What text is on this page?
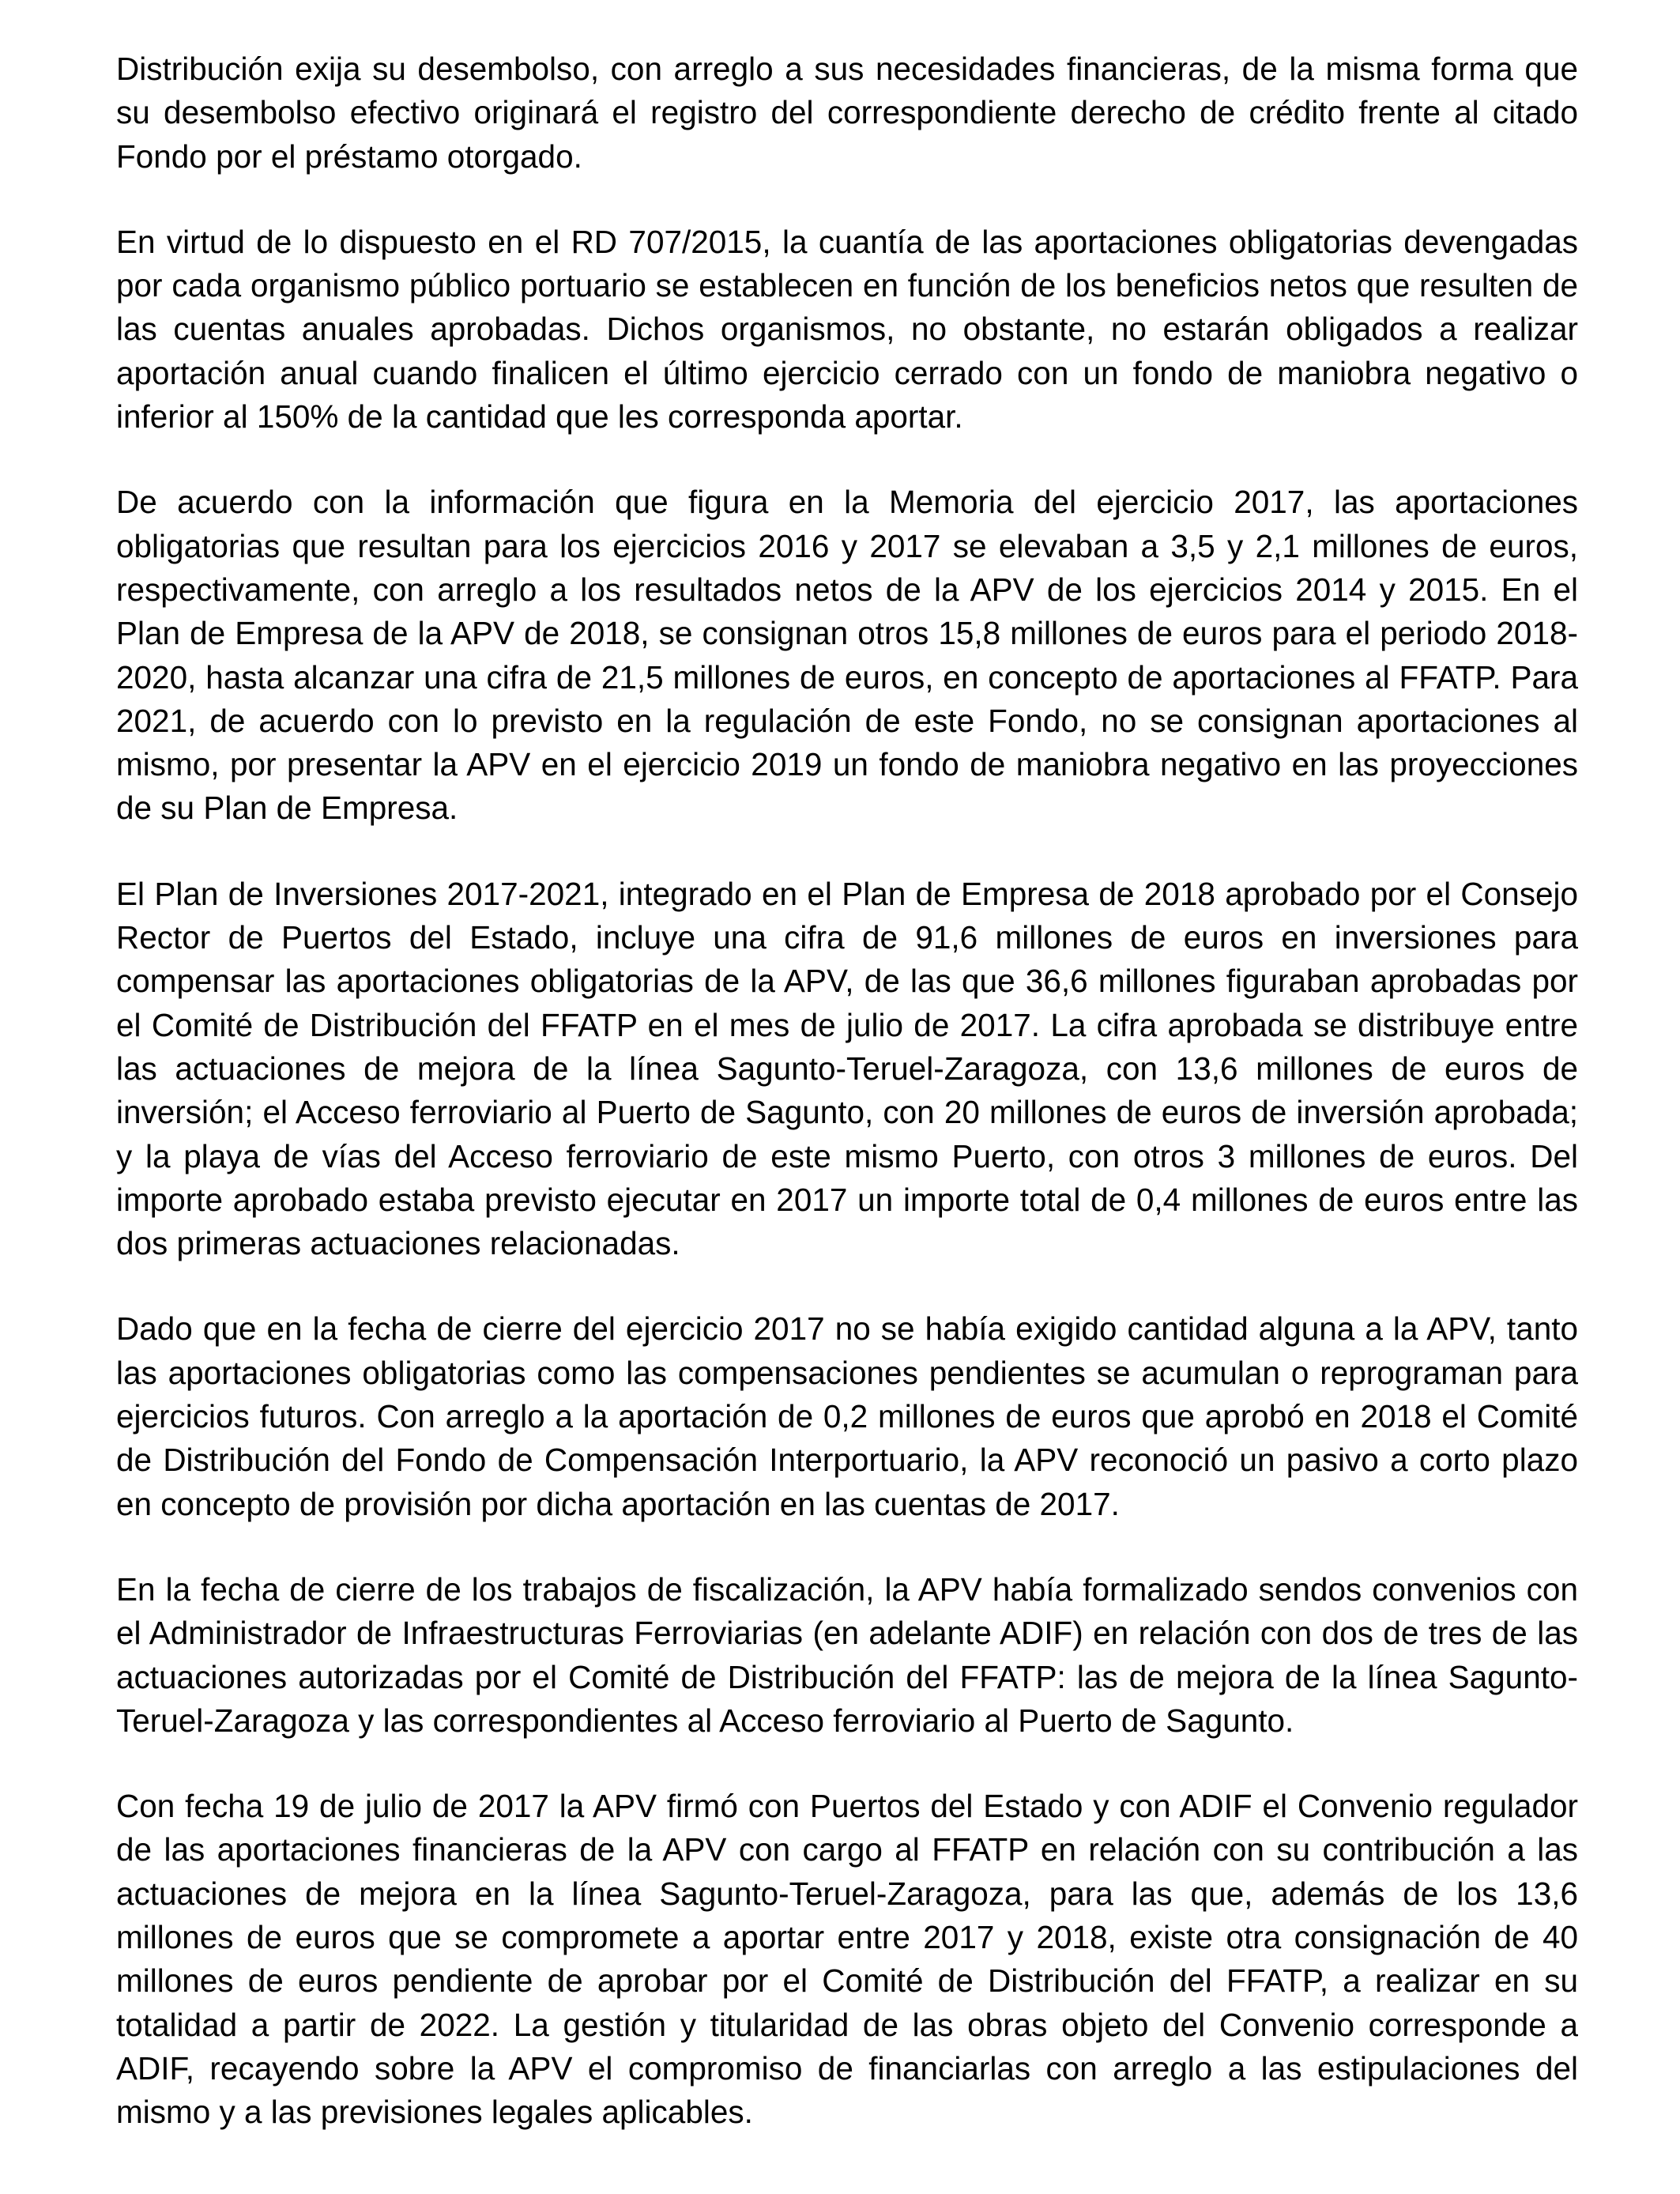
Distribución exija su desembolso, con arreglo a sus necesidades financieras, de la misma forma que su desembolso efectivo originará el registro del correspondiente derecho de crédito frente al citado Fondo por el préstamo otorgado.

En virtud de lo dispuesto en el RD 707/2015, la cuantía de las aportaciones obligatorias devengadas por cada organismo público portuario se establecen en función de los beneficios netos que resulten de las cuentas anuales aprobadas. Dichos organismos, no obstante, no estarán obligados a realizar aportación anual cuando finalicen el último ejercicio cerrado con un fondo de maniobra negativo o inferior al 150% de la cantidad que les corresponda aportar.

De acuerdo con la información que figura en la Memoria del ejercicio 2017, las aportaciones obligatorias que resultan para los ejercicios 2016 y 2017 se elevaban a 3,5 y 2,1 millones de euros, respectivamente, con arreglo a los resultados netos de la APV de los ejercicios 2014 y 2015. En el Plan de Empresa de la APV de 2018, se consignan otros 15,8 millones de euros para el periodo 2018-2020, hasta alcanzar una cifra de 21,5 millones de euros, en concepto de aportaciones al FFATP. Para 2021, de acuerdo con lo previsto en la regulación de este Fondo, no se consignan aportaciones al mismo, por presentar la APV en el ejercicio 2019 un fondo de maniobra negativo en las proyecciones de su Plan de Empresa.

El Plan de Inversiones 2017-2021, integrado en el Plan de Empresa de 2018 aprobado por el Consejo Rector de Puertos del Estado, incluye una cifra de 91,6 millones de euros en inversiones para compensar las aportaciones obligatorias de la APV, de las que 36,6 millones figuraban aprobadas por el Comité de Distribución del FFATP en el mes de julio de 2017. La cifra aprobada se distribuye entre las actuaciones de mejora de la línea Sagunto-Teruel-Zaragoza, con 13,6 millones de euros de inversión; el Acceso ferroviario al Puerto de Sagunto, con 20 millones de euros de inversión aprobada; y la playa de vías del Acceso ferroviario de este mismo Puerto, con otros 3 millones de euros. Del importe aprobado estaba previsto ejecutar en 2017 un importe total de 0,4 millones de euros entre las dos primeras actuaciones relacionadas.

Dado que en la fecha de cierre del ejercicio 2017 no se había exigido cantidad alguna a la APV, tanto las aportaciones obligatorias como las compensaciones pendientes se acumulan o reprograman para ejercicios futuros. Con arreglo a la aportación de 0,2 millones de euros que aprobó en 2018 el Comité de Distribución del Fondo de Compensación Interportuario, la APV reconoció un pasivo a corto plazo en concepto de provisión por dicha aportación en las cuentas de 2017.

En la fecha de cierre de los trabajos de fiscalización, la APV había formalizado sendos convenios con el Administrador de Infraestructuras Ferroviarias (en adelante ADIF) en relación con dos de tres de las actuaciones autorizadas por el Comité de Distribución del FFATP: las de mejora de la línea Sagunto-Teruel-Zaragoza y las correspondientes al Acceso ferroviario al Puerto de Sagunto.

Con fecha 19 de julio de 2017 la APV firmó con Puertos del Estado y con ADIF el Convenio regulador de las aportaciones financieras de la APV con cargo al FFATP en relación con su contribución a las actuaciones de mejora en la línea Sagunto-Teruel-Zaragoza, para las que, además de los 13,6 millones de euros que se compromete a aportar entre 2017 y 2018, existe otra consignación de 40 millones de euros pendiente de aprobar por el Comité de Distribución del FFATP, a realizar en su totalidad a partir de 2022. La gestión y titularidad de las obras objeto del Convenio corresponde a ADIF, recayendo sobre la APV el compromiso de financiarlas con arreglo a las estipulaciones del mismo y a las previsiones legales aplicables.
